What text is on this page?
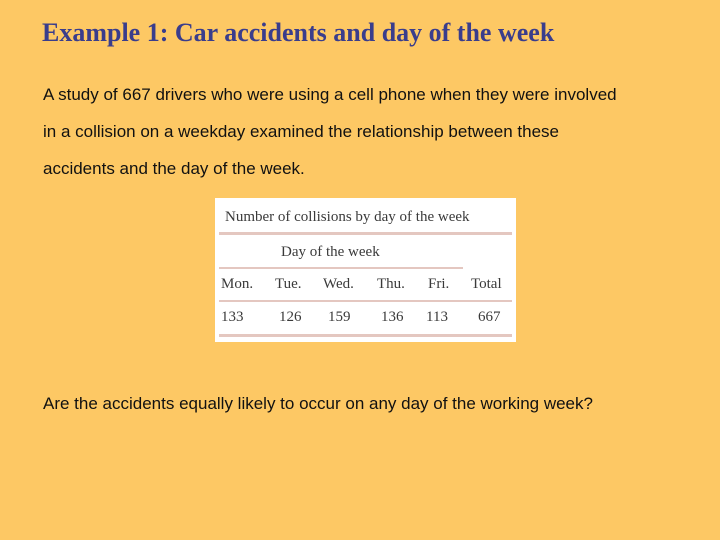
Example 1: Car accidents and day of the week
A study of 667 drivers who were using a cell phone when they were involved
in a collision on a weekday examined the relationship between these
accidents and the day of the week.
Number of collisions by day of the week
Day of the week
Mon. Tue. Wed. Thu. Fri. Total
133 126 159 136 113 667
Are the accidents equally likely to occur on any day of the working week?
